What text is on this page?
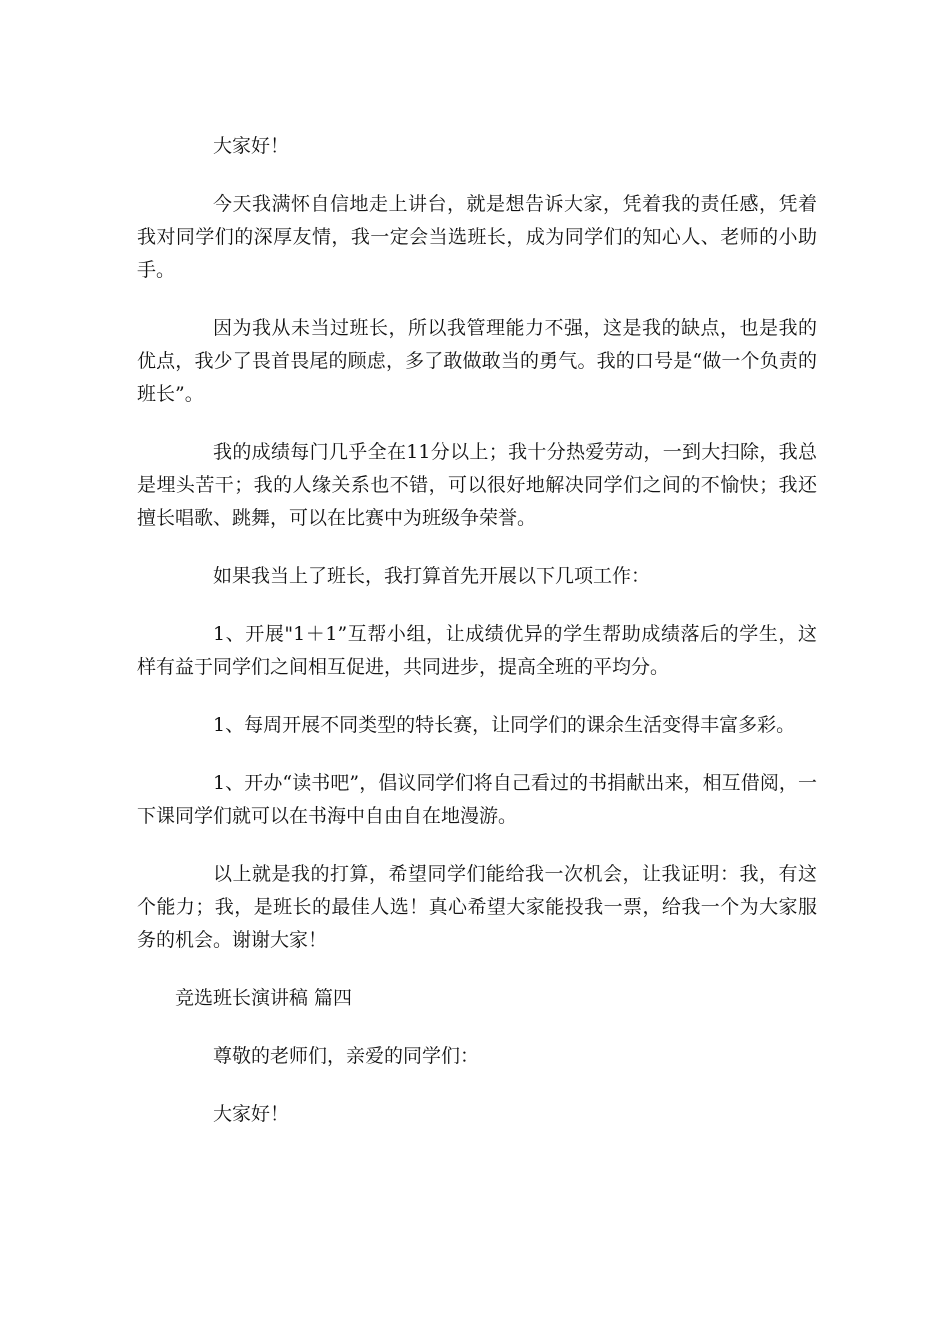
大家好！

今天我满怀自信地走上讲台，就是想告诉大家，凭着我的责任感，凭着我对同学们的深厚友情，我一定会当选班长，成为同学们的知心人、老师的小助手。

因为我从未当过班长，所以我管理能力不强，这是我的缺点，也是我的优点，我少了畏首畏尾的顾虑，多了敢做敢当的勇气。我的口号是“做一个负责的班长”。

我的成绩每门几乎全在11分以上；我十分热爱劳动，一到大扫除，我总是埋头苦干；我的人缘关系也不错，可以很好地解决同学们之间的不愉快；我还擅长唱歌、跳舞，可以在比赛中为班级争荣誉。

如果我当上了班长，我打算首先开展以下几项工作：

1、开展"1＋1”互帮小组，让成绩优异的学生帮助成绩落后的学生，这样有益于同学们之间相互促进，共同进步，提高全班的平均分。

1、每周开展不同类型的特长赛，让同学们的课余生活变得丰富多彩。

1、开办“读书吧”，倡议同学们将自己看过的书捐献出来，相互借阅，一下课同学们就可以在书海中自由自在地漫游。

以上就是我的打算，希望同学们能给我一次机会，让我证明：我，有这个能力；我，是班长的最佳人选！真心希望大家能投我一票，给我一个为大家服务的机会。谢谢大家！

竞选班长演讲稿 篇四

尊敬的老师们，亲爱的同学们：

大家好！
